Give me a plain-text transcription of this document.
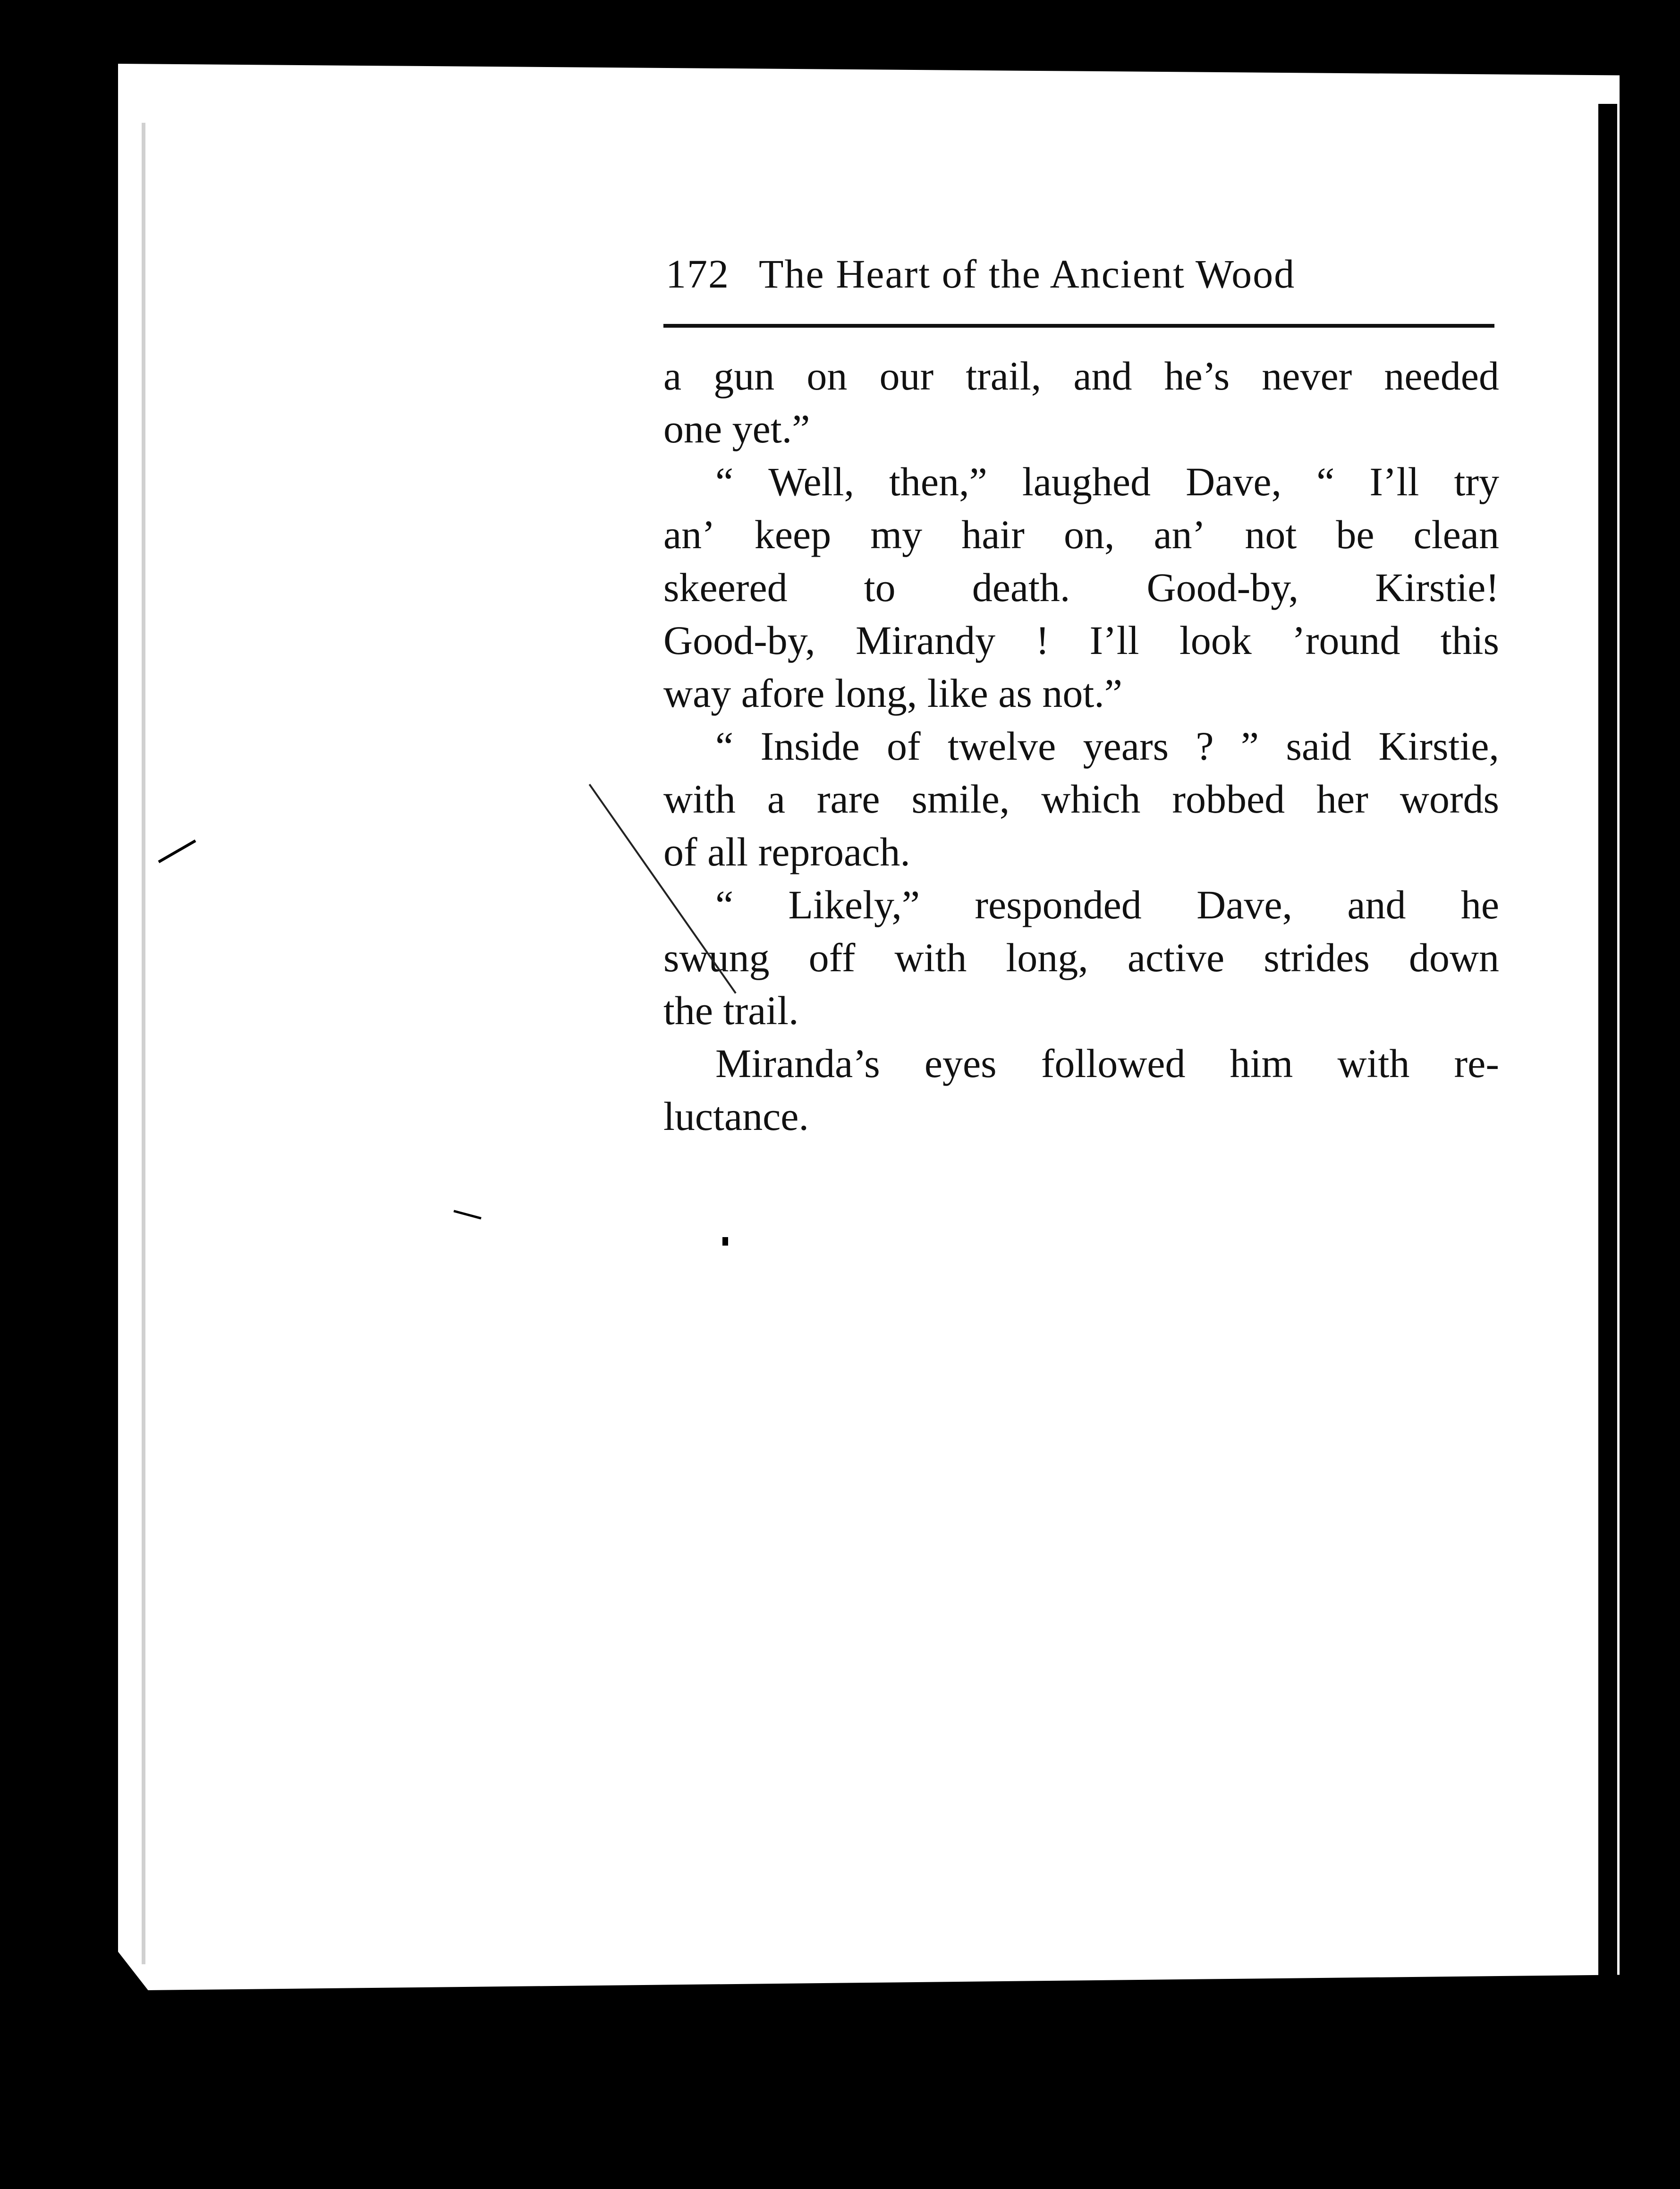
172 The Heart of the Ancient Wood
a gun on our trail, and he’s never needed
one yet.”
“ Well, then,” laughed Dave, “ I’ll try
an’ keep my hair on, an’ not be clean
skeered to death. Good-by, Kirstie!
Good-by, Mirandy ! I’ll look ’round this
way afore long, like as not.”
“ Inside of twelve years ? ” said Kirstie,
with a rare smile, which robbed her words
of all reproach.
“ Likely,” responded Dave, and he
swung off with long, active strides down
the trail.
Miranda’s eyes followed him with re-
luctance.
